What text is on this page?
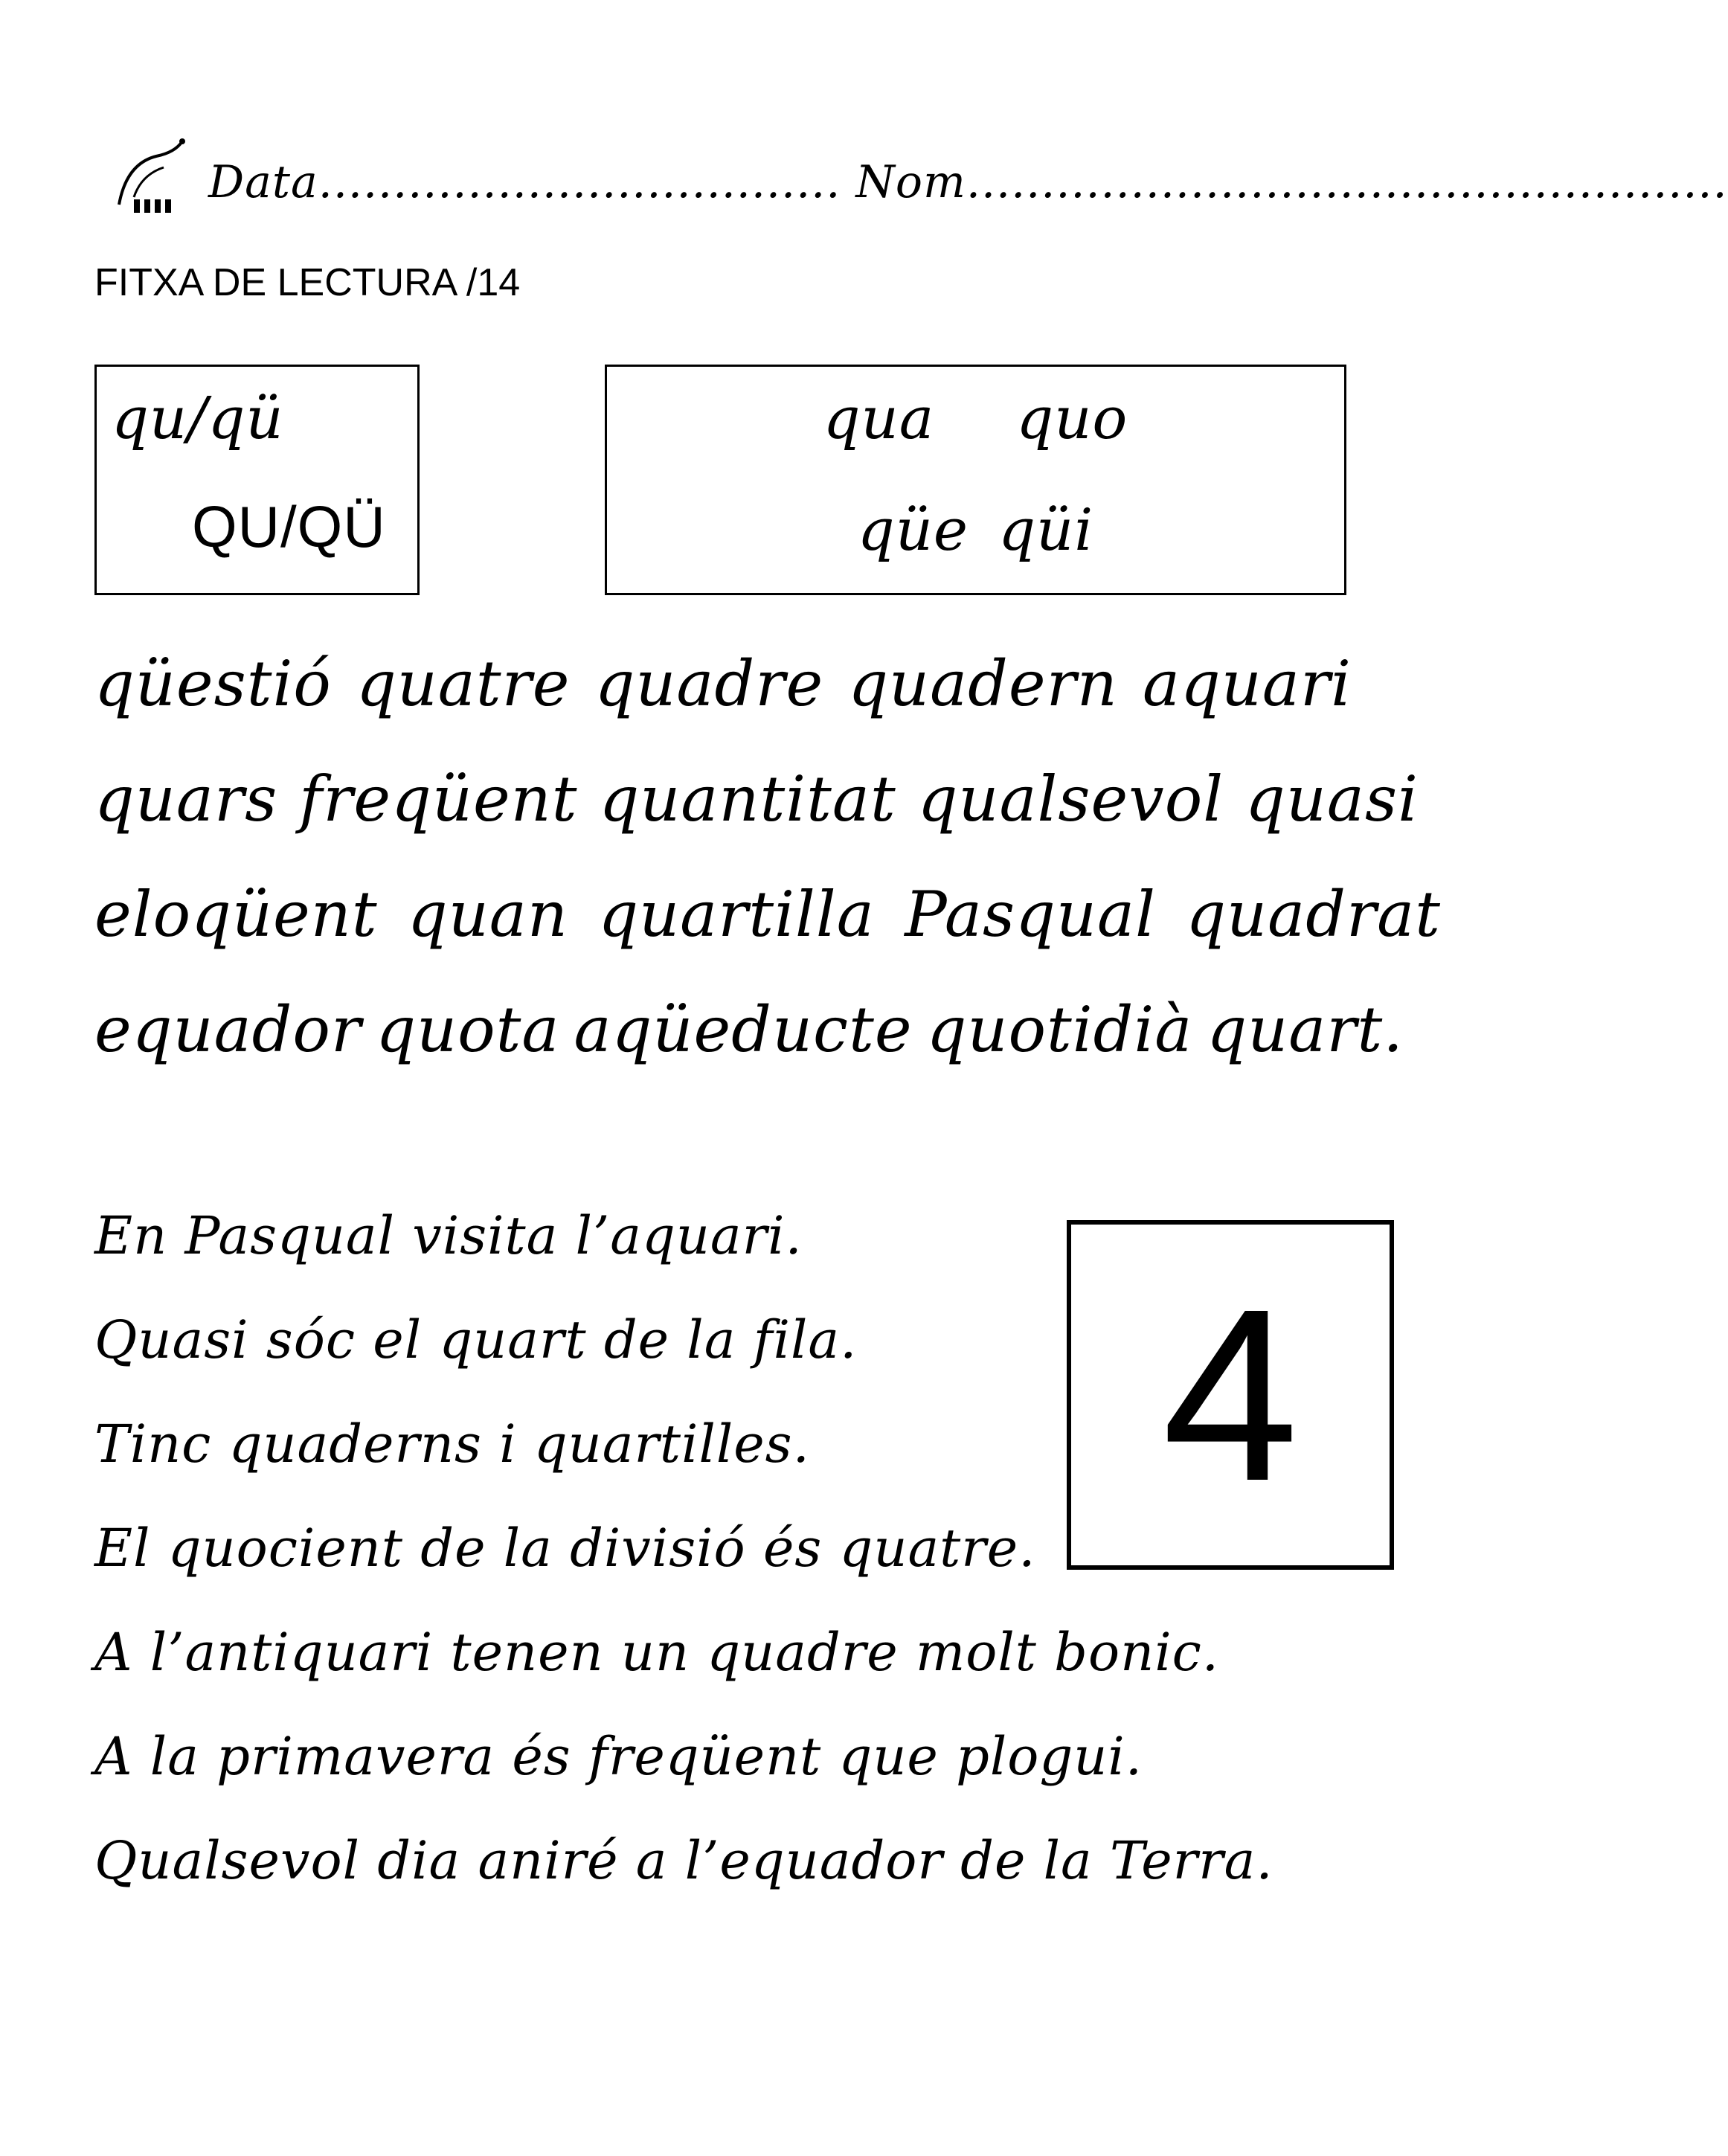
Data................................... Nom...................................................
FITXA DE LECTURA /14
qu/qü
QU/QÜ
qua quo
qüe qüi
qüestió quatre quadre quadern aquari
quars freqüent quantitat qualsevol quasi
eloqüent quan quartilla Pasqual quadrat
equador quota aqüeducte quotidià quart.
En Pasqual visita l’aquari.
Quasi sóc el quart de la fila.
Tinc quaderns i quartilles.
El quocient de la divisió és quatre.
A l’antiquari tenen un quadre molt bonic.
A la primavera és freqüent que plogui.
Qualsevol dia aniré a l’equador de la Terra.
4
